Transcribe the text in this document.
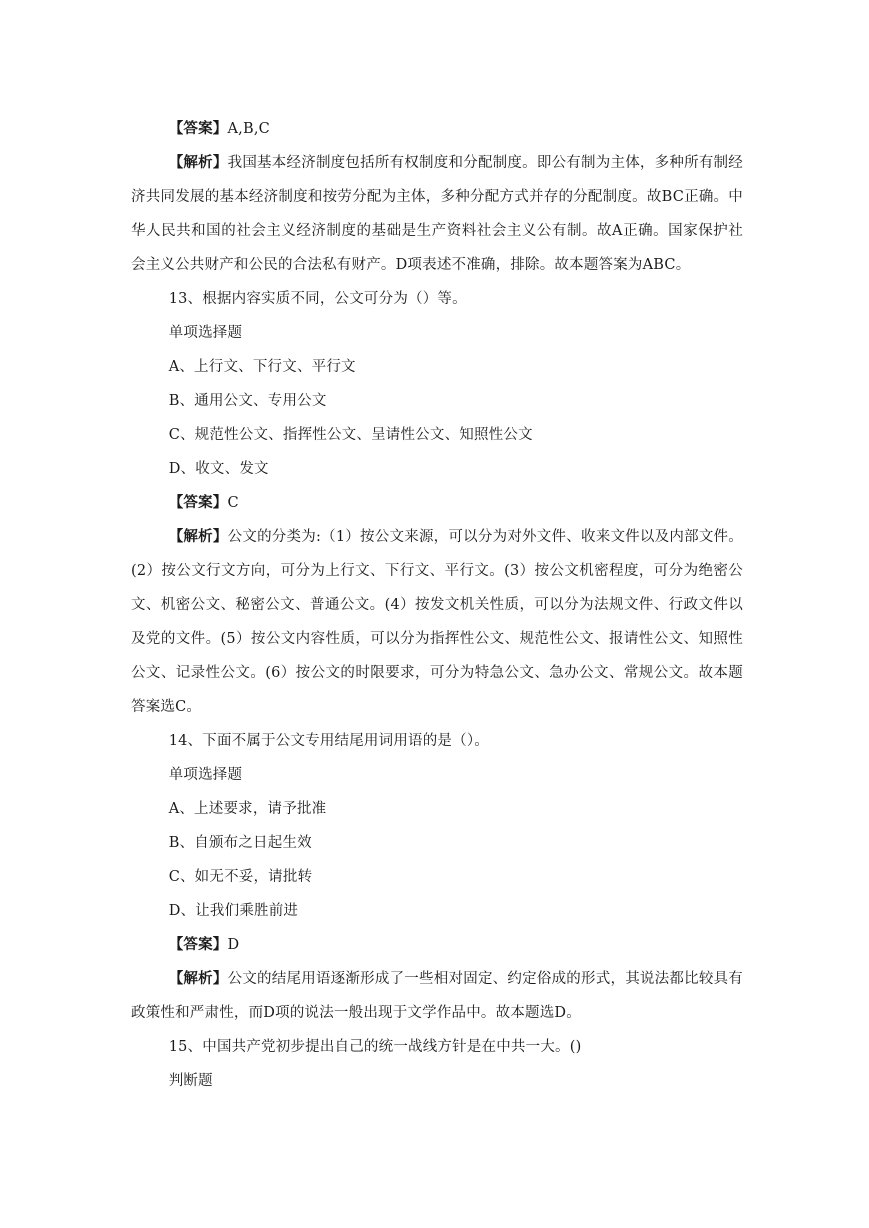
【答案】A,B,C

【解析】我国基本经济制度包括所有权制度和分配制度。即公有制为主体，多种所有制经济共同发展的基本经济制度和按劳分配为主体，多种分配方式并存的分配制度。故BC正确。中华人民共和国的社会主义经济制度的基础是生产资料社会主义公有制。故A正确。国家保护社会主义公共财产和公民的合法私有财产。D项表述不准确，排除。故本题答案为ABC。

13、根据内容实质不同，公文可分为（）等。

单项选择题

A、上行文、下行文、平行文

B、通用公文、专用公文

C、规范性公文、指挥性公文、呈请性公文、知照性公文

D、收文、发文

【答案】C

【解析】公文的分类为:（1）按公文来源，可以分为对外文件、收来文件以及内部文件。(2）按公文行文方向，可分为上行文、下行文、平行文。(3）按公文机密程度，可分为绝密公文、机密公文、秘密公文、普通公文。(4）按发文机关性质，可以分为法规文件、行政文件以及党的文件。(5）按公文内容性质，可以分为指挥性公文、规范性公文、报请性公文、知照性公文、记录性公文。(6）按公文的时限要求，可分为特急公文、急办公文、常规公文。故本题答案选C。

14、下面不属于公文专用结尾用词用语的是（）。

单项选择题

A、上述要求，请予批准

B、自颁布之日起生效

C、如无不妥，请批转

D、让我们乘胜前进

【答案】D

【解析】公文的结尾用语逐渐形成了一些相对固定、约定俗成的形式，其说法都比较具有政策性和严肃性，而D项的说法一般出现于文学作品中。故本题选D。

15、中国共产党初步提出自己的统一战线方针是在中共一大。()

判断题
